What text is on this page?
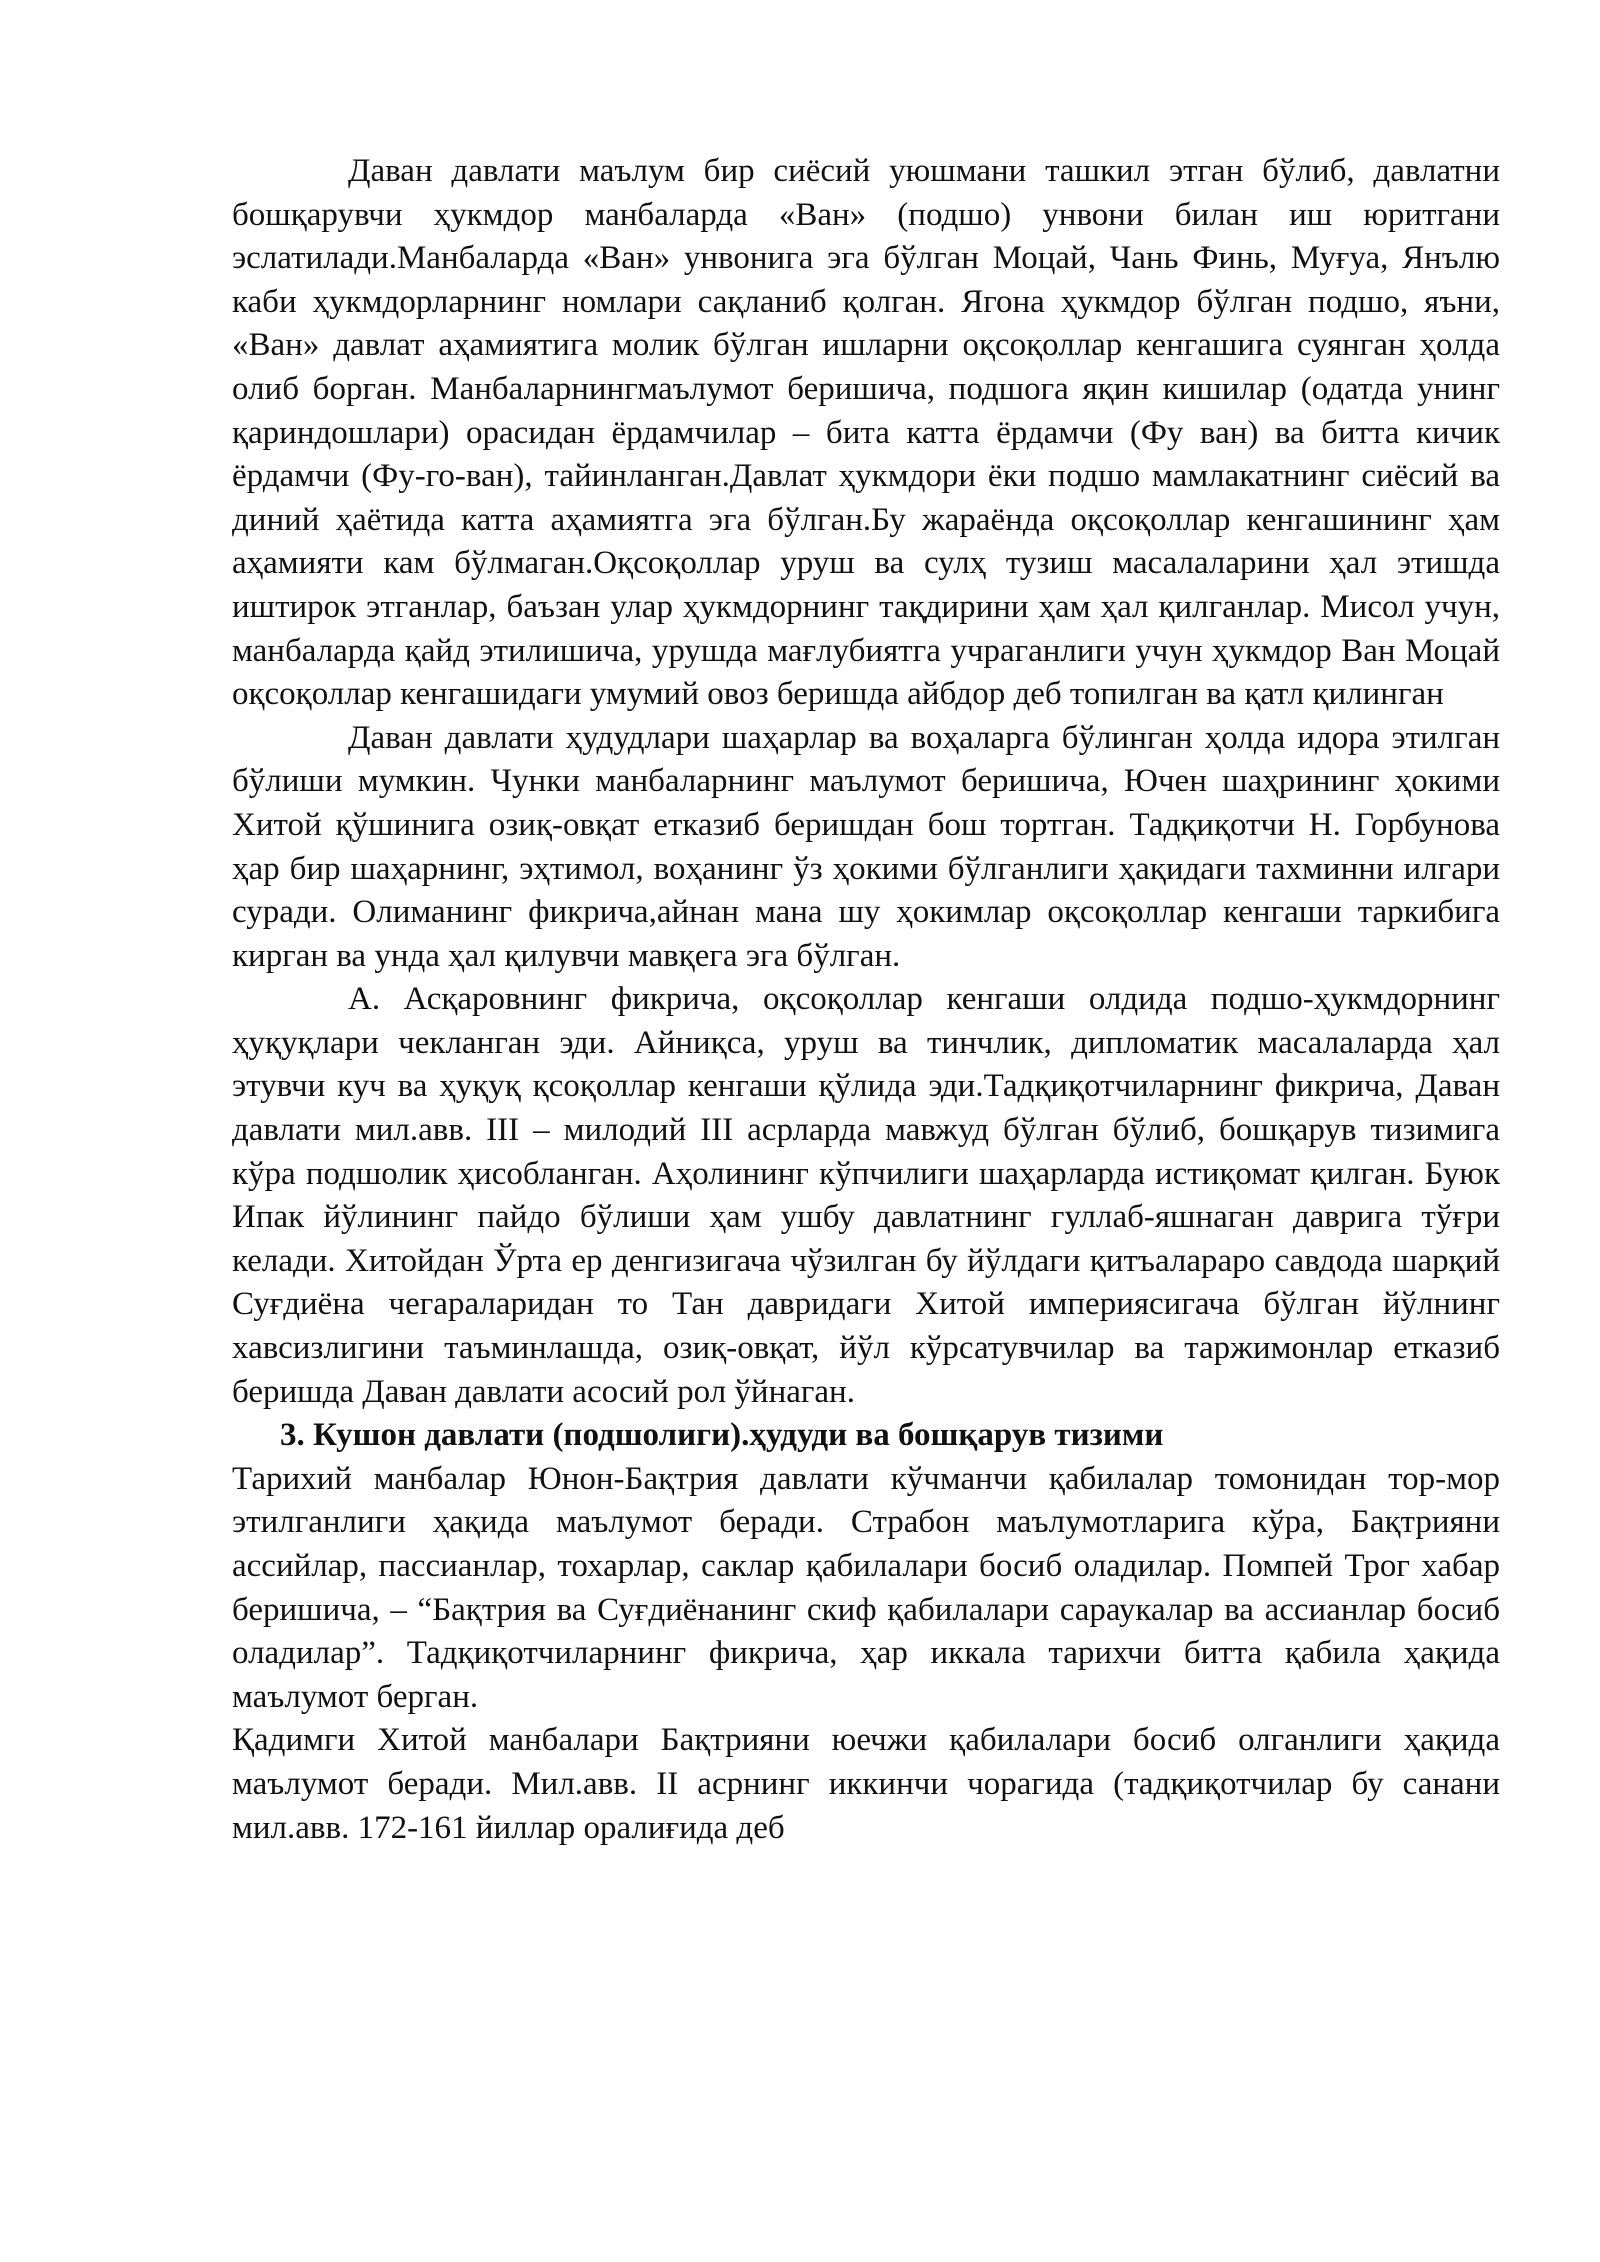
Даван давлати маълум бир сиёсий уюшмани ташкил этган бўлиб, давлатни бошқарувчи ҳукмдор манбаларда «Ван» (подшо) унвони билан иш юритгани эслатилади.Манбаларда «Ван» унвонига эга бўлган Моцай, Чань Финь, Муғуа, Янълю каби ҳукмдорларнинг номлари сақланиб қолган. Ягона ҳукмдор бўлган подшо, яъни, «Ван» давлат аҳамиятига молик бўлган ишларни оқсоқоллар кенгашига суянган ҳолда олиб борган. Манбаларнингмаълумот беришича, подшога яқин кишилар (одатда унинг қариндошлари) орасидан ёрдамчилар – бита катта ёрдамчи (Фу ван) ва битта кичик ёрдамчи (Фу-го-ван), тайинланган.Давлат ҳукмдори ёки подшо мамлакатнинг сиёсий ва диний ҳаётида катта аҳамиятга эга бўлган.Бу жараёнда оқсоқоллар кенгашининг ҳам аҳамияти кам бўлмаган.Оқсоқоллар уруш ва сулҳ тузиш масалаларини ҳал этишда иштирок этганлар, баъзан улар ҳукмдорнинг тақдирини ҳам ҳал қилганлар. Мисол учун, манбаларда қайд этилишича, урушда мағлубиятга учраганлиги учун ҳукмдор Ван Моцай оқсоқоллар кенгашидаги умумий овоз беришда айбдор деб топилган ва қатл қилинган

Даван давлати ҳудудлари шаҳарлар ва воҳаларга бўлинган ҳолда идора этилган бўлиши мумкин. Чунки манбаларнинг маълумот беришича, Ючен шаҳрининг ҳокими Хитой қўшинига озиқ-овқат етказиб беришдан бош тортган. Тадқиқотчи Н. Горбунова ҳар бир шаҳарнинг, эҳтимол, воҳанинг ўз ҳокими бўлганлиги ҳақидаги тахминни илгари суради. Олиманинг фикрича,айнан мана шу ҳокимлар оқсоқоллар кенгаши таркибига кирган ва унда ҳал қилувчи мавқега эга бўлган.

А. Асқаровнинг фикрича, оқсоқоллар кенгаши олдида подшо-ҳукмдорнинг ҳуқуқлари чекланган эди. Айниқса, уруш ва тинчлик, дипломатик масалаларда ҳал этувчи куч ва ҳуқуқ қсоқоллар кенгаши қўлида эди.Тадқиқотчиларнинг фикрича, Даван давлати мил.авв. III – милодий III асрларда мавжуд бўлган бўлиб, бошқарув тизимига кўра подшолик ҳисобланган. Аҳолининг кўпчилиги шаҳарларда истиқомат қилган. Буюк Ипак йўлининг пайдо бўлиши ҳам ушбу давлатнинг гуллаб-яшнаган даврига тўғри келади. Хитойдан Ўрта ер денгизигача чўзилган бу йўлдаги қитъалараро савдода шарқий Суғдиёна чегараларидан то Тан давридаги Хитой империясигача бўлган йўлнинг хавсизлигини таъминлашда, озиқ-овқат, йўл кўрсатувчилар ва таржимонлар етказиб беришда Даван давлати асосий рол ўйнаган.

3. Кушон давлати (подшолиги).ҳудуди ва бошқарув тизими

Тарихий манбалар Юнон-Бақтрия давлати кўчманчи қабилалар томонидан тор-мор этилганлиги ҳақида маълумот беради. Страбон маълумотларига кўра, Бақтрияни ассийлар, пассианлар, тохарлар, саклар қабилалари босиб оладилар. Помпей Трог хабар беришича, – “Бақтрия ва Суғдиёнанинг скиф қабилалари сараукалар ва ассианлар босиб оладилар”. Тадқиқотчиларнинг фикрича, ҳар иккала тарихчи битта қабила ҳақида маълумот берган.

Қадимги Хитой манбалари Бақтрияни юечжи қабилалари босиб олганлиги ҳақида маълумот беради. Мил.авв. II асрнинг иккинчи чорагида (тадқиқотчилар бу санани мил.авв. 172-161 йиллар оралиғида деб
